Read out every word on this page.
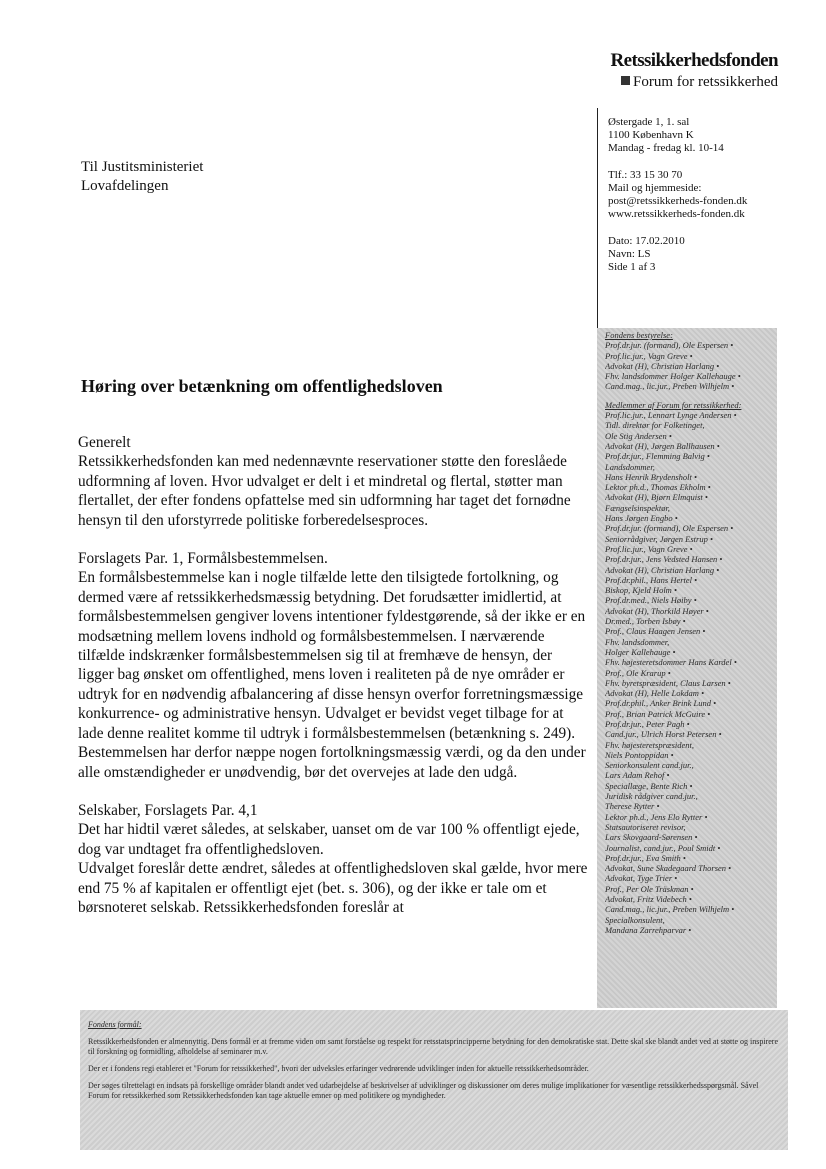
Retssikkerhedsfonden
Forum for retssikkerhed
Østergade 1, 1. sal
1100 København K
Mandag - fredag kl. 10-14
Tlf.: 33 15 30 70
Mail og hjemmeside:
post@retssikkerheds-fonden.dk
www.retssikkerheds-fonden.dk
Dato: 17.02.2010
Navn: LS
Side 1 af 3
Til Justitsministeriet
Lovafdelingen
Høring over betænkning om offentlighedsloven

Generelt
Retssikkerhedsfonden kan med nedennævnte reservationer støtte den foreslåede udformning af loven. Hvor udvalget er delt i et mindretal og flertal, støtter man flertallet, der efter fondens opfattelse med sin udformning har taget det fornødne hensyn til den uforstyrrede politiske forberedelsesproces.

Forslagets Par. 1, Formålsbestemmelsen.
En formålsbestemmelse kan i nogle tilfælde lette den tilsigtede fortolkning, og dermed være af retssikkerhedsmæssig betydning. Det forudsætter imidlertid, at formålsbestemmelsen gengiver lovens intentioner fyldestgørende, så der ikke er en modsætning mellem lovens indhold og formålsbestemmelsen. I nærværende tilfælde indskrænker formålsbestemmelsen sig til at fremhæve de hensyn, der ligger bag ønsket om offentlighed, mens loven i realiteten på de nye områder er udtryk for en nødvendig afbalancering af disse hensyn overfor forretningsmæssige konkurrence- og administrative hensyn. Udvalget er bevidst veget tilbage for at lade denne realitet komme til udtryk i formålsbestemmelsen (betænkning s. 249). Bestemmelsen har derfor næppe nogen fortolkningsmæssig værdi, og da den under alle omstændigheder er unødvendig, bør det overvejes at lade den udgå.

Selskaber, Forslagets Par. 4,1
Det har hidtil været således, at selskaber, uanset om de var 100 % offentligt ejede, dog var undtaget fra offentlighedsloven.
Udvalget foreslår dette ændret, således at offentlighedsloven skal gælde, hvor mere end 75 % af kapitalen er offentligt ejet (bet. s. 306), og der ikke er tale om et børsnoteret selskab. Retssikkerhedsfonden foreslår at

Fondens bestyrelse:
Prof.dr.jur. (formand), Ole Espersen •
Prof.lic.jur., Vagn Greve •
Advokat (H), Christian Harlang •
Fhv. landsdommer Holger Kallehauge •
Cand.mag., lic.jur., Preben Wilhjelm •
Medlemmer af Forum for retssikkerhed:
Prof.lic.jur., Lennart Lynge Andersen •
Tidl. direktør for Folketinget,
Ole Stig Andersen •
Advokat (H), Jørgen Ballhausen •
Prof.dr.jur., Flemming Balvig •
Landsdommer,
Hans Henrik Brydensholt •
Lektor ph.d., Thomas Ekholm •
Advokat (H), Bjørn Elmquist •
Fængselsinspektør,
Hans Jørgen Engbo •
Prof.dr.jur. (formand), Ole Espersen •
Seniorrådgiver, Jørgen Estrup •
Prof.lic.jur., Vagn Greve •
Prof.dr.jur., Jens Vedsted Hansen •
Advokat (H), Christian Harlang •
Prof.dr.phil., Hans Hertel •
Biskop, Kjeld Holm •
Prof.dr.med., Niels Høiby •
Advokat (H), Thorkild Høyer •
Dr.med., Torben Isbøy •
Prof., Claus Haagen Jensen •
Fhv. landsdommer,
Holger Kallehauge •
Fhv. højesteretsdommer Hans Kardel •
Prof., Ole Krarup •
Fhv. byretspræsident, Claus Larsen •
Advokat (H), Helle Lokdam •
Prof.dr.phil., Anker Brink Lund •
Prof., Brian Patrick McGuire •
Prof.dr.jur., Peter Pagh •
Cand.jur., Ulrich Horst Petersen •
Fhv. højesteretspræsident,
Niels Pontoppidan •
Seniorkonsulent cand.jur.,
Lars Adam Rehof •
Speciallæge, Bente Rich •
Juridisk rådgiver cand.jur.,
Therese Rytter •
Lektor ph.d., Jens Elo Rytter •
Statsautoriseret revisor,
Lars Skovgaard-Sørensen •
Journalist, cand.jur., Poul Smidt •
Prof.dr.jur., Eva Smith •
Advokat, Sune Skadegaard Thorsen •
Advokat, Tyge Trier •
Prof., Per Ole Träskman •
Advokat, Fritz Videbech •
Cand.mag., lic.jur., Preben Wilhjelm •
Specialkonsulent,
Mandana Zarrehparvar •

Fondens formål:

Retssikkerhedsfonden er almennyttig. Dens formål er at fremme viden om samt forståelse og respekt for retsstatsprincipperne betydning for den demokratiske stat. Dette skal ske blandt andet ved at støtte og inspirere til forskning og formidling, afholdelse af seminarer m.v.

Der er i fondens regi etableret et "Forum for retssikkerhed", hvori der udveksles erfaringer vedrørende udviklinger inden for aktuelle retssikkerhedsområder.

Der søges tilrettelagt en indsats på forskellige områder blandt andet ved udarbejdelse af beskrivelser af udviklinger og diskussioner om deres mulige implikationer for væsentlige retssikkerhedsspørgsmål. Såvel Forum for retssikkerhed som Retssikkerhedsfonden kan tage aktuelle emner op med politikere og myndigheder.
